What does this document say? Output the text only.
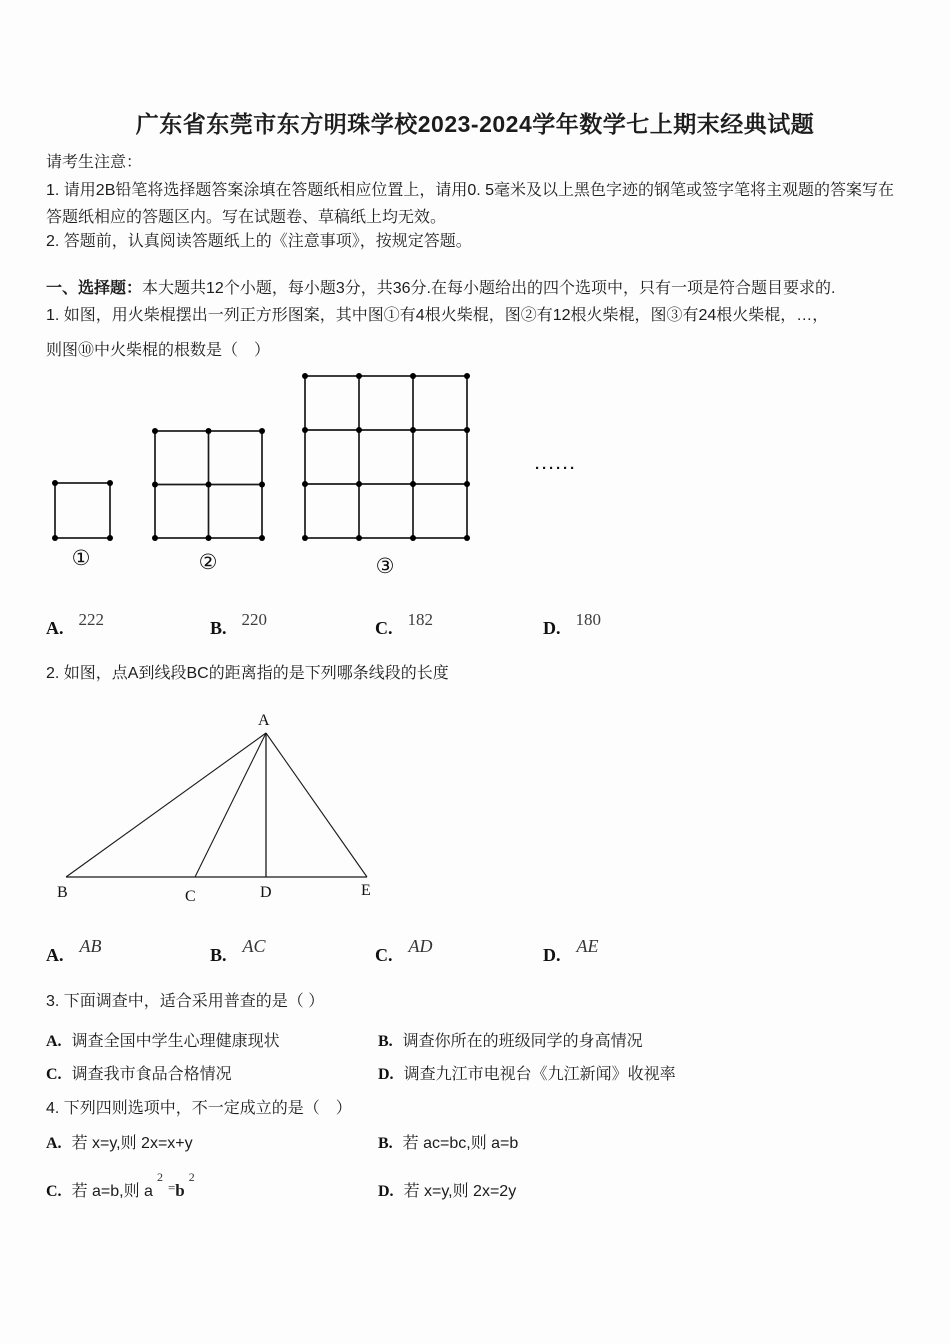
广东省东莞市东方明珠学校2023-2024学年数学七上期末经典试题
请考生注意：
1. 请用2B铅笔将选择题答案涂填在答题纸相应位置上，请用0. 5毫米及以上黑色字迹的钢笔或签字笔将主观题的答案写在答题纸相应的答题区内。写在试题卷、草稿纸上均无效。
2. 答题前，认真阅读答题纸上的《注意事项》，按规定答题。
一、选择题：本大题共12个小题，每小题3分，共36分.在每小题给出的四个选项中，只有一项是符合题目要求的.
1. 如图，用火柴棍摆出一列正方形图案，其中图①有4根火柴棍，图②有12根火柴棍，图③有24根火柴棍，…，
则图⑩中火柴棍的根数是（　）
······
①	②	③
A. 222	B. 220	C. 182	D. 180
2. 如图，点A到线段BC的距离指的是下列哪条线段的长度
A
B	C	D	E
A. AB	B. AC	C. AD	D. AE
3. 下面调查中，适合采用普查的是（ ）
A. 调查全国中学生心理健康现状	B. 调查你所在的班级同学的身高情况
C. 调查我市食品合格情况	D. 调查九江市电视台《九江新闻》收视率
4. 下列四则选项中，不一定成立的是（　）
A. 若 x=y,则 2x=x+y	B. 若 ac=bc,则 a=b
C. 若 a=b,则 $a^{2=}b^2$
D. 若 x=y,则 2x=2y
